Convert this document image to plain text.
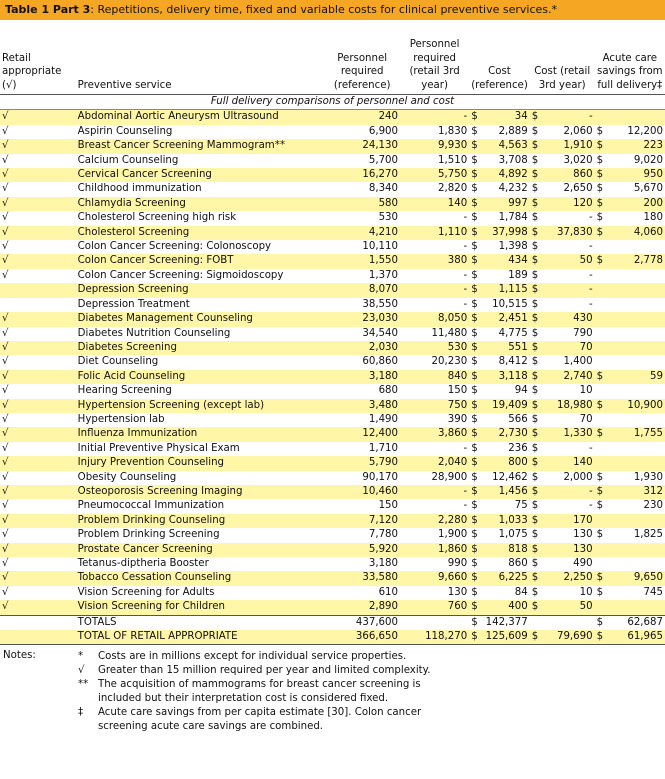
Table 1 Part 3: Repetitions, delivery time, fixed and variable costs for clinical preventive services.*
Retail appropriate (√)	Preventive service	Personnel required (reference)	Personnel required (retail 3rd year)	Cost (reference)		Cost (retail 3rd year)		Acute care savings from full delivery‡	
Full delivery comparisons of personnel and cost									
√	Abdominal Aortic Aneurysm Ultrasound	240	-	$	34	$	-		
√	Aspirin Counseling	6,900	1,830	$	2,889	$	2,060	$	12,200
√	Breast Cancer Screening Mammogram**	24,130	9,930	$	4,563	$	1,910	$	223
√	Calcium Counseling	5,700	1,510	$	3,708	$	3,020	$	9,020
√	Cervical Cancer Screening	16,270	5,750	$	4,892	$	860	$	950
√	Childhood immunization	8,340	2,820	$	4,232	$	2,650	$	5,670
√	Chlamydia Screening	580	140	$	997	$	120	$	200
√	Cholesterol Screening high risk	530	-	$	1,784	$	-	$	180
√	Cholesterol Screening	4,210	1,110	$	37,998	$	37,830	$	4,060
√	Colon Cancer Screening: Colonoscopy	10,110	-	$	1,398	$	-		
√	Colon Cancer Screening: FOBT	1,550	380	$	434	$	50	$	2,778
√	Colon Cancer Screening: Sigmoidoscopy	1,370	-	$	189	$	-		
	Depression Screening	8,070	-	$	1,115	$	-		
	Depression Treatment	38,550	-	$	10,515	$	-		
√	Diabetes Management Counseling	23,030	8,050	$	2,451	$	430		
√	Diabetes Nutrition Counseling	34,540	11,480	$	4,775	$	790		
√	Diabetes Screening	2,030	530	$	551	$	70		
√	Diet Counseling	60,860	20,230	$	8,412	$	1,400		
√	Folic Acid Counseling	3,180	840	$	3,118	$	2,740	$	59
√	Hearing Screening	680	150	$	94	$	10		
√	Hypertension Screening (except lab)	3,480	750	$	19,409	$	18,980	$	10,900
√	Hypertension lab	1,490	390	$	566	$	70		
√	Influenza Immunization	12,400	3,860	$	2,730	$	1,330	$	1,755
√	Initial Preventive Physical Exam	1,710	-	$	236	$	-		
√	Injury Prevention Counseling	5,790	2,040	$	800	$	140		
√	Obesity Counseling	90,170	28,900	$	12,462	$	2,000	$	1,930
√	Osteoporosis Screening Imaging	10,460	-	$	1,456	$	-	$	312
√	Pneumococcal Immunization	150	-	$	75	$	-	$	230
√	Problem Drinking Counseling	7,120	2,280	$	1,033	$	170		
√	Problem Drinking Screening	7,780	1,900	$	1,075	$	130	$	1,825
√	Prostate Cancer Screening	5,920	1,860	$	818	$	130		
√	Tetanus-diptheria Booster	3,180	990	$	860	$	490		
√	Tobacco Cessation Counseling	33,580	9,660	$	6,225	$	2,250	$	9,650
√	Vision Screening for Adults	610	130	$	84	$	10	$	745
√	Vision Screening for Children	2,890	760	$	400	$	50		
	TOTALS	437,600		$	142,377			$	62,687
	TOTAL OF RETAIL APPROPRIATE	366,650	118,270	$	125,609	$	79,690	$	61,965
Notes:	* Costs are in millions except for individual service properties.
√ Greater than 15 million required per year and limited complexity.
** The acquisition of mammograms for breast cancer screening is included but their interpretation cost is considered fixed.
‡ Acute care savings from per capita estimate [30]. Colon cancer screening acute care savings are combined.
